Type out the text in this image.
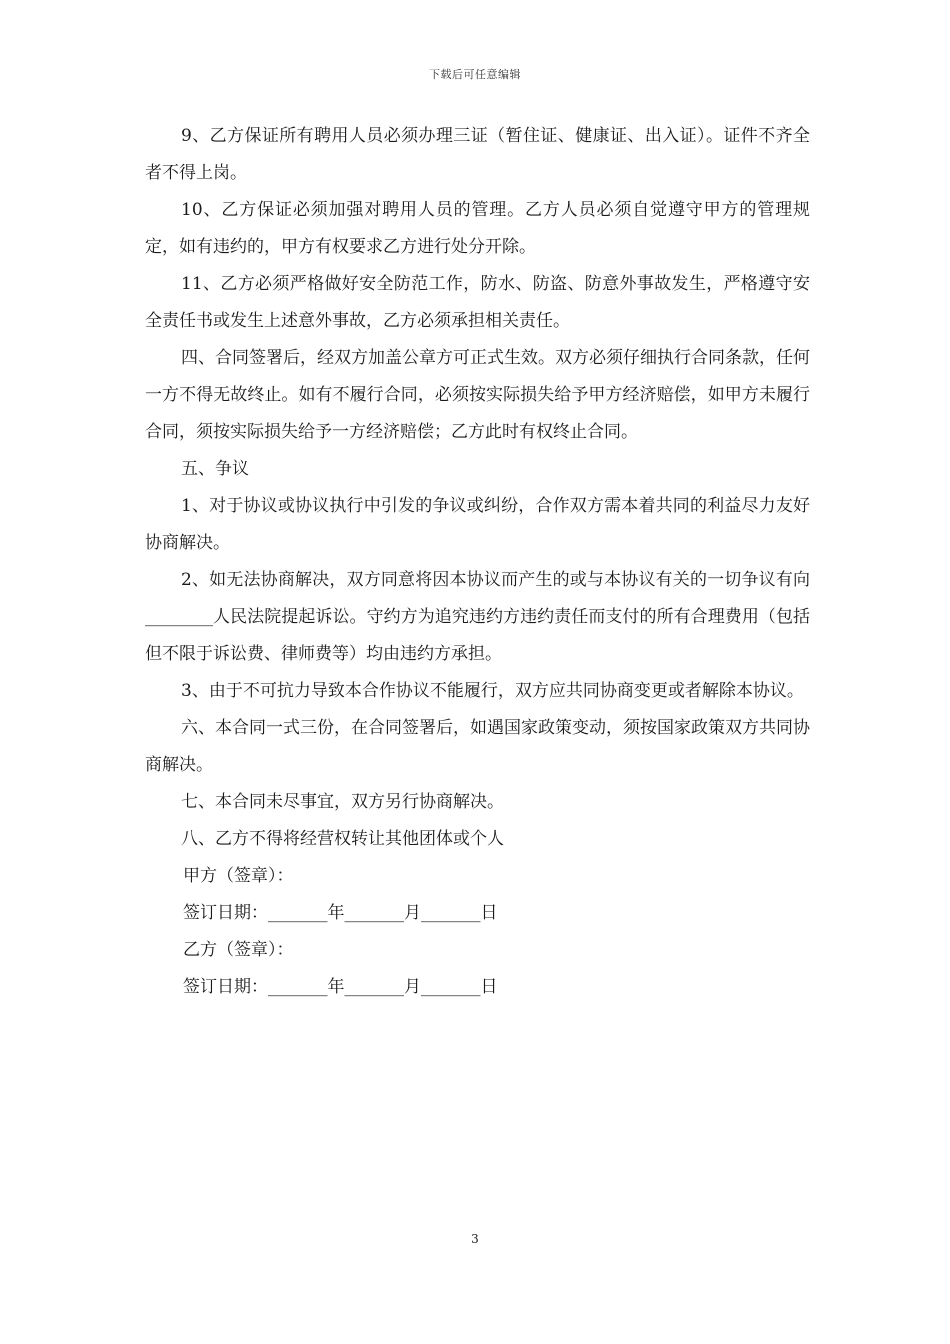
下载后可任意编辑

9、乙方保证所有聘用人员必须办理三证（暂住证、健康证、出入证）。证件不齐全者不得上岗。

10、乙方保证必须加强对聘用人员的管理。乙方人员必须自觉遵守甲方的管理规定，如有违约的，甲方有权要求乙方进行处分开除。

11、乙方必须严格做好安全防范工作，防水、防盗、防意外事故发生，严格遵守安全责任书或发生上述意外事故，乙方必须承担相关责任。

四、合同签署后，经双方加盖公章方可正式生效。双方必须仔细执行合同条款，任何一方不得无故终止。如有不履行合同，必须按实际损失给予甲方经济赔偿，如甲方未履行合同，须按实际损失给予一方经济赔偿；乙方此时有权终止合同。

五、争议

1、对于协议或协议执行中引发的争议或纠纷，合作双方需本着共同的利益尽力友好协商解决。

2、如无法协商解决，双方同意将因本协议而产生的或与本协议有关的一切争议有向________人民法院提起诉讼。守约方为追究违约方违约责任而支付的所有合理费用（包括但不限于诉讼费、律师费等）均由违约方承担。

3、由于不可抗力导致本合作协议不能履行，双方应共同协商变更或者解除本协议。

六、本合同一式三份，在合同签署后，如遇国家政策变动，须按国家政策双方共同协商解决。

七、本合同未尽事宜，双方另行协商解决。

八、乙方不得将经营权转让其他团体或个人

甲方（签章）：

签订日期：_______年_______月_______日

乙方（签章）：

签订日期：_______年_______月_______日

3
